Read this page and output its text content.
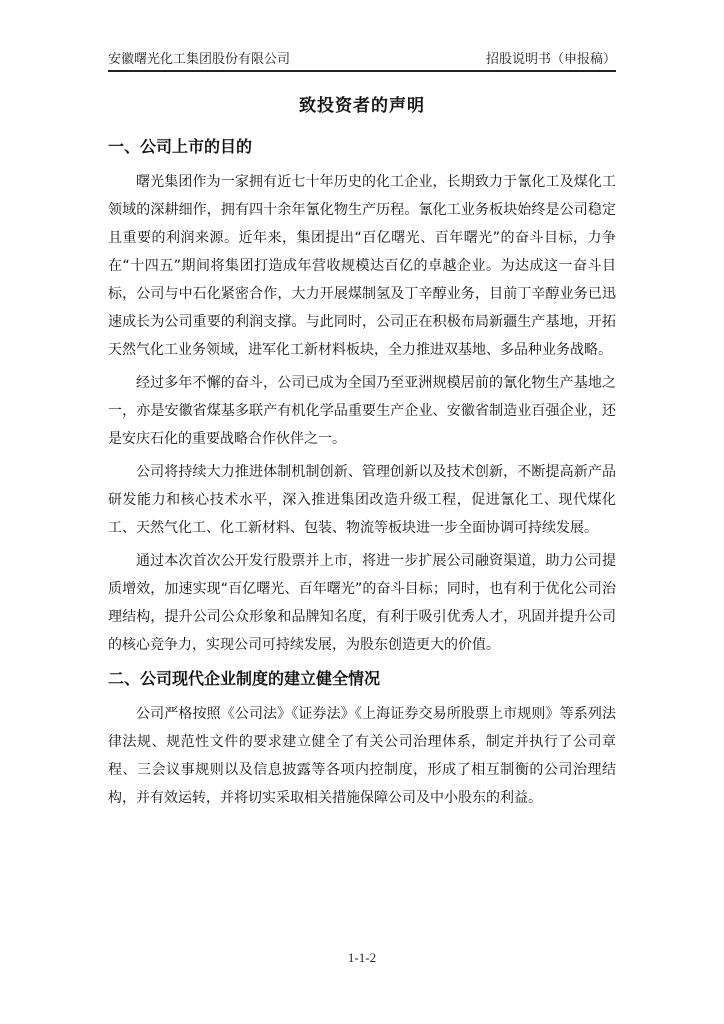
安徽曙光化工集团股份有限公司	招股说明书（申报稿）
致投资者的声明
一、公司上市的目的

曙光集团作为一家拥有近七十年历史的化工企业，长期致力于氰化工及煤化工领域的深耕细作，拥有四十余年氰化物生产历程。氰化工业务板块始终是公司稳定且重要的利润来源。近年来，集团提出“百亿曙光、百年曙光”的奋斗目标，力争在“十四五”期间将集团打造成年营收规模达百亿的卓越企业。为达成这一奋斗目标，公司与中石化紧密合作，大力开展煤制氢及丁辛醇业务，目前丁辛醇业务已迅速成长为公司重要的利润支撑。与此同时，公司正在积极布局新疆生产基地，开拓天然气化工业务领域，进军化工新材料板块，全力推进双基地、多品种业务战略。

经过多年不懈的奋斗，公司已成为全国乃至亚洲规模居前的氰化物生产基地之一，亦是安徽省煤基多联产有机化学品重要生产企业、安徽省制造业百强企业，还是安庆石化的重要战略合作伙伴之一。

公司将持续大力推进体制机制创新、管理创新以及技术创新，不断提高新产品研发能力和核心技术水平，深入推进集团改造升级工程，促进氰化工、现代煤化工、天然气化工、化工新材料、包装、物流等板块进一步全面协调可持续发展。

通过本次首次公开发行股票并上市，将进一步扩展公司融资渠道，助力公司提质增效，加速实现“百亿曙光、百年曙光”的奋斗目标；同时，也有利于优化公司治理结构，提升公司公众形象和品牌知名度，有利于吸引优秀人才，巩固并提升公司的核心竞争力，实现公司可持续发展，为股东创造更大的价值。

二、公司现代企业制度的建立健全情况

公司严格按照《公司法》《证券法》《上海证券交易所股票上市规则》等系列法律法规、规范性文件的要求建立健全了有关公司治理体系，制定并执行了公司章程、三会议事规则以及信息披露等各项内控制度，形成了相互制衡的公司治理结构，并有效运转，并将切实采取相关措施保障公司及中小股东的利益。

1-1-2
